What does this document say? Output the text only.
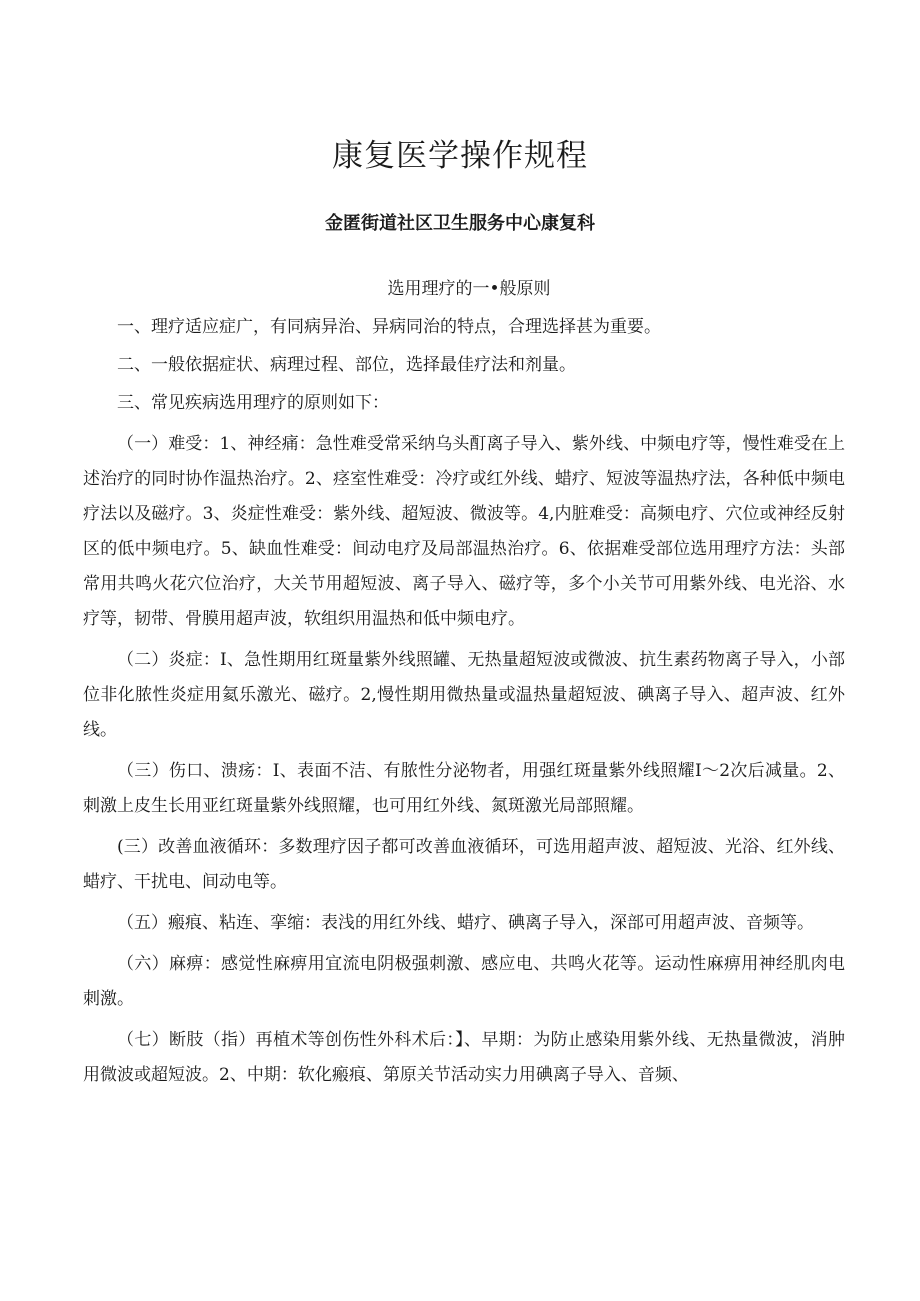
康复医学操作规程
金匿街道社区卫生服务中心康复科

选用理疗的一•般原则

一、理疗适应症广，有同病异治、异病同治的特点，合理选择甚为重要。

二、一般依据症状、病理过程、部位，选择最佳疗法和剂量。

三、常见疾病选用理疗的原则如下：

（一）难受：1、神经痛：急性难受常采纳乌头酊离子导入、紫外线、中频电疗等，慢性难受在上述治疗的同时协作温热治疗。2、痉室性难受：冷疗或红外线、蜡疗、短波等温热疗法，各种低中频电疗法以及磁疗。3、炎症性难受：紫外线、超短波、微波等。4,内脏难受：高频电疗、穴位或神经反射区的低中频电疗。5、缺血性难受：间动电疗及局部温热治疗。6、依据难受部位选用理疗方法：头部常用共鸣火花穴位治疗，大关节用超短波、离子导入、磁疗等，多个小关节可用紫外线、电光浴、水疗等，韧带、骨膜用超声波，软组织用温热和低中频电疗。

（二）炎症：I、急性期用红斑量紫外线照罐、无热量超短波或微波、抗生素药物离子导入，小部位非化脓性炎症用氦乐激光、磁疗。2,慢性期用微热量或温热量超短波、碘离子导入、超声波、红外线。

（三）伤口、溃疡：I、表面不洁、有脓性分泌物者，用强红斑量紫外线照耀I〜2次后减量。2、刺激上皮生长用亚红斑量紫外线照耀，也可用红外线、氮斑激光局部照耀。

(三）改善血液循环：多数理疗因子都可改善血液循环，可选用超声波、超短波、光浴、红外线、蜡疗、干扰电、间动电等。

（五）瘢痕、粘连、挛缩：表浅的用红外线、蜡疗、碘离子导入，深部可用超声波、音频等。

（六）麻痹：感觉性麻痹用宜流电阴极强刺激、感应电、共鸣火花等。运动性麻痹用神经肌肉电刺激。

（七）断肢（指）再植术等创伤性外科术后：】、早期：为防止感染用紫外线、无热量微波，消肿用微波或超短波。2、中期：软化瘢痕、第原关节活动实力用碘离子导入、音频、
